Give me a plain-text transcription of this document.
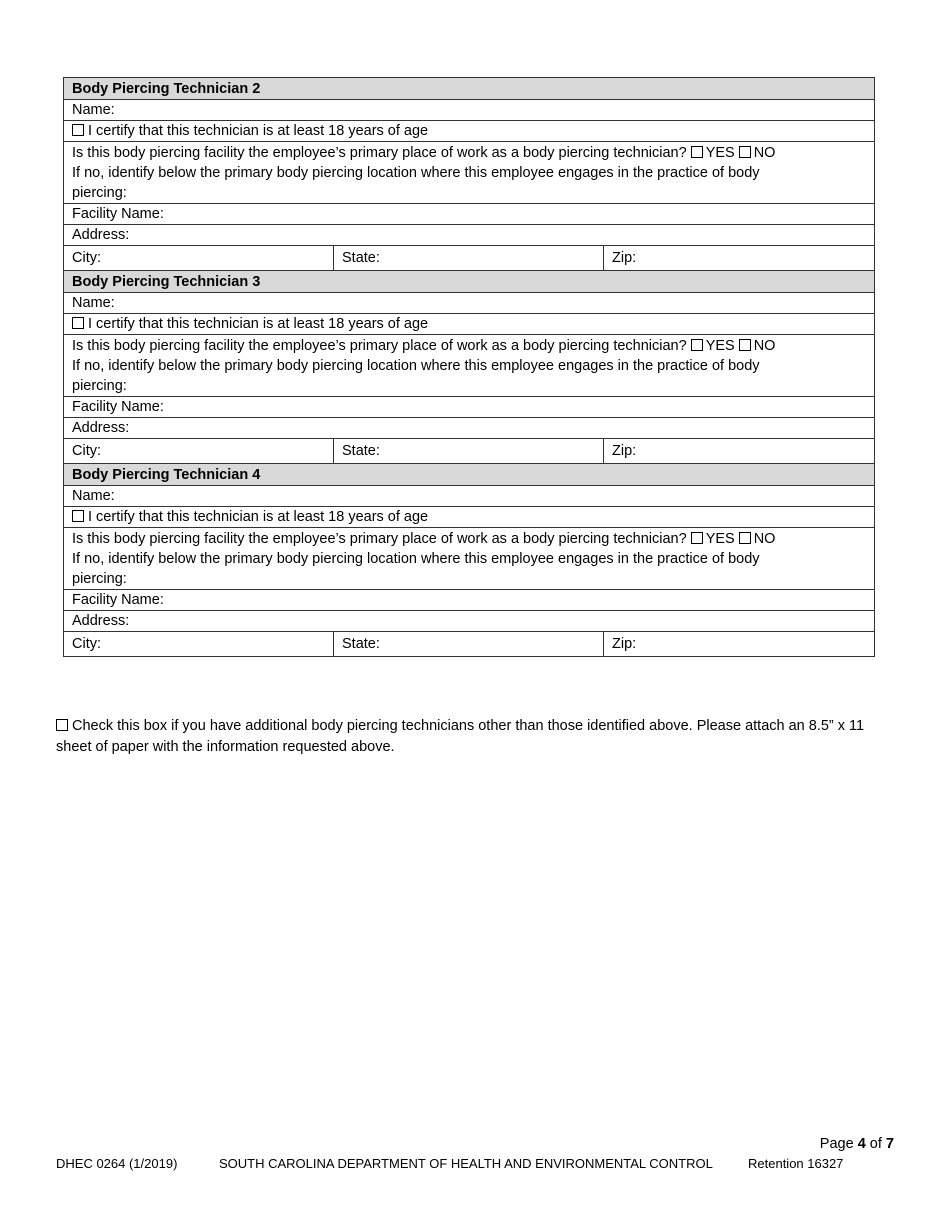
Body Piercing Technician 2		
Name:		
I certify that this technician is at least 18 years of age		

Is this body piercing facility the employee’s primary place of work as a body piercing technician? YES NO
If no, identify below the primary body piercing location where this employee engages in the practice of body
piercing:		

Facility Name:		
Address:		
City:	State:	Zip:
Body Piercing Technician 3		
Name:		
I certify that this technician is at least 18 years of age		

Is this body piercing facility the employee’s primary place of work as a body piercing technician? YES NO
If no, identify below the primary body piercing location where this employee engages in the practice of body
piercing:		

Facility Name:		
Address:		
City:	State:	Zip:
Body Piercing Technician 4		
Name:		
I certify that this technician is at least 18 years of age		

Is this body piercing facility the employee’s primary place of work as a body piercing technician? YES NO
If no, identify below the primary body piercing location where this employee engages in the practice of body
piercing:		

Facility Name:		
Address:		
City:	State:	Zip:
Check this box if you have additional body piercing technicians other than those identified above. Please attach an 8.5” x 11 sheet of paper with the information requested above.
Page 4 of 7
DHEC 0264 (1/2019)	SOUTH CAROLINA DEPARTMENT OF HEALTH AND ENVIRONMENTAL CONTROL	Retention 16327
